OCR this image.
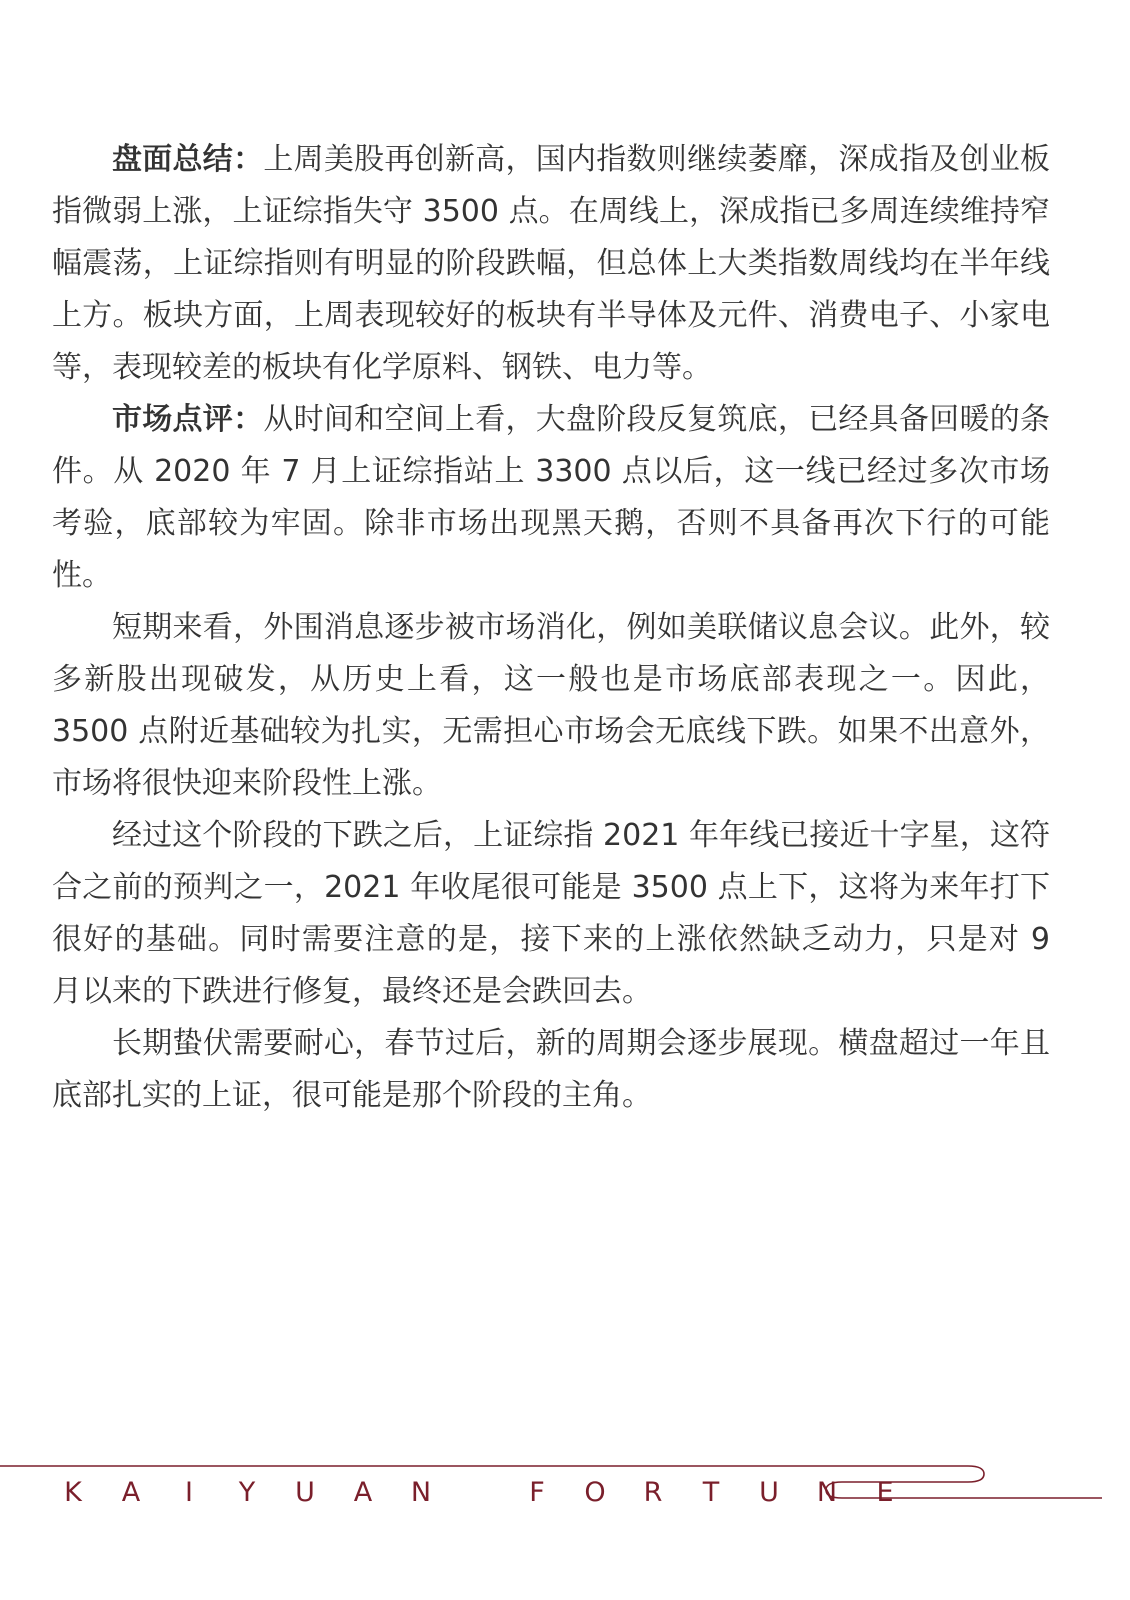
盘面总结：上周美股再创新高，国内指数则继续萎靡，深成指及创业板指微弱上涨，上证综指失守 3500 点。在周线上，深成指已多周连续维持窄幅震荡，上证综指则有明显的阶段跌幅，但总体上大类指数周线均在半年线上方。板块方面，上周表现较好的板块有半导体及元件、消费电子、小家电等，表现较差的板块有化学原料、钢铁、电力等。

市场点评：从时间和空间上看，大盘阶段反复筑底，已经具备回暖的条件。从 2020 年 7 月上证综指站上 3300 点以后，这一线已经过多次市场考验，底部较为牢固。除非市场出现黑天鹅，否则不具备再次下行的可能性。

短期来看，外围消息逐步被市场消化，例如美联储议息会议。此外，较多新股出现破发，从历史上看，这一般也是市场底部表现之一。因此，3500 点附近基础较为扎实，无需担心市场会无底线下跌。如果不出意外，市场将很快迎来阶段性上涨。

经过这个阶段的下跌之后，上证综指 2021 年年线已接近十字星，这符合之前的预判之一，2021 年收尾很可能是 3500 点上下，这将为来年打下很好的基础。同时需要注意的是，接下来的上涨依然缺乏动力，只是对 9 月以来的下跌进行修复，最终还是会跌回去。

长期蛰伏需要耐心，春节过后，新的周期会逐步展现。横盘超过一年且底部扎实的上证，很可能是那个阶段的主角。

K	A	I	Y	U	A	N	F	O	R	T	U	N	E
